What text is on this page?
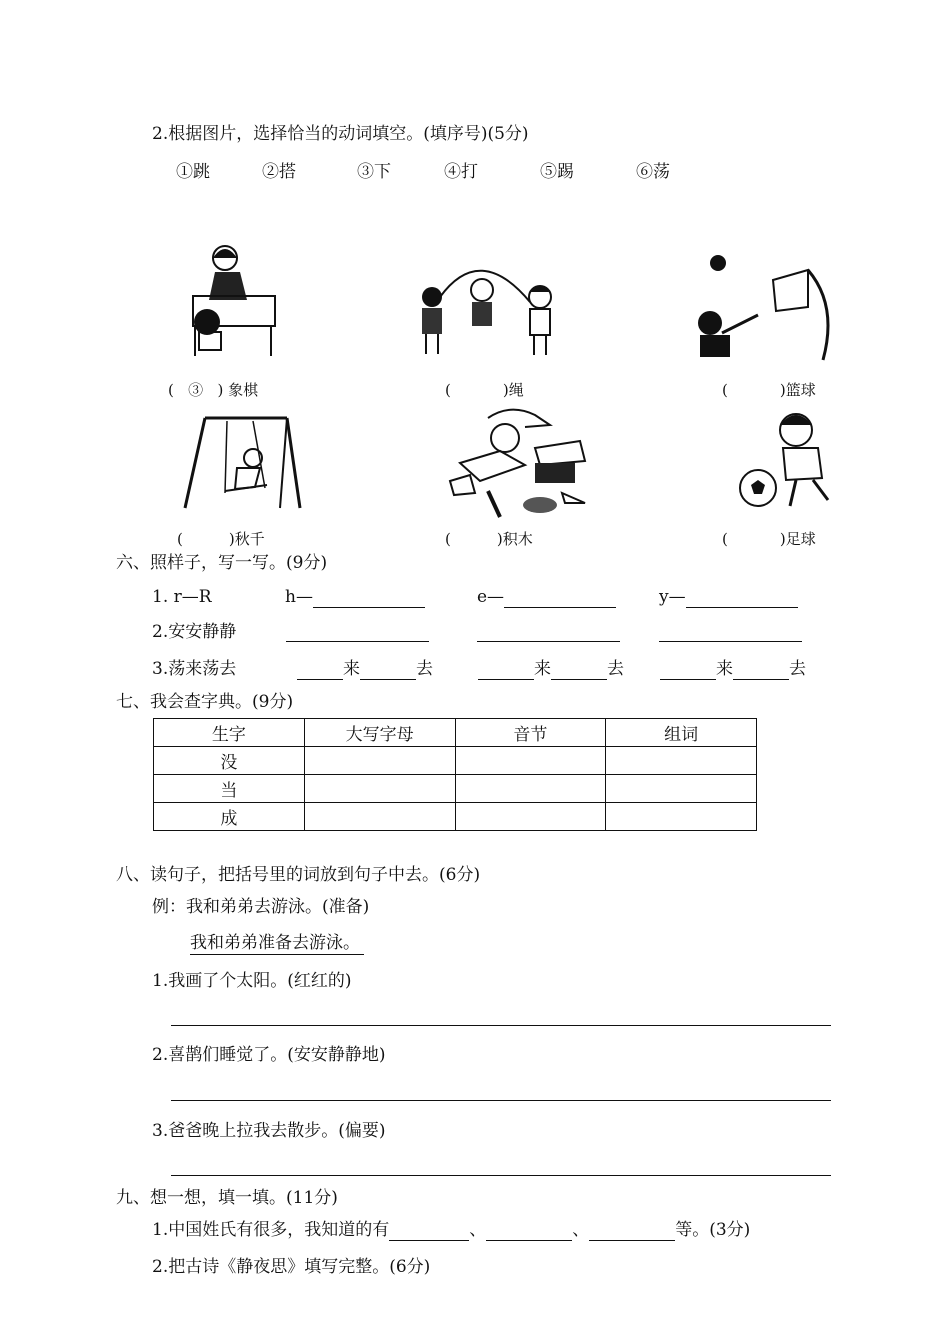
2.根据图片，选择恰当的动词填空。(填序号)(5分)
①跳	②搭	③下	④打	⑤踢	⑥荡
( ③ ) 象棋	(	)绳	(	)篮球
(	)秋千	(	)积木	(	)足球
六、照样子，写一写。(9分)
1. r—R	h—	e—	y—
2.安安静静
3.荡来荡去	来	去	来	去	来	去
七、我会查字典。(9分)
生字	大写字母	音节	组词
没			
当			
成			
八、读句子，把括号里的词放到句子中去。(6分)
例：我和弟弟去游泳。(准备)
我和弟弟准备去游泳。
1.我画了个太阳。(红红的)
2.喜鹊们睡觉了。(安安静静地)
3.爸爸晚上拉我去散步。(偏要)
九、想一想，填一填。(11分)
1.中国姓氏有很多，我知道的有	、	、	等。(3分)
2.把古诗《静夜思》填写完整。(6分)
